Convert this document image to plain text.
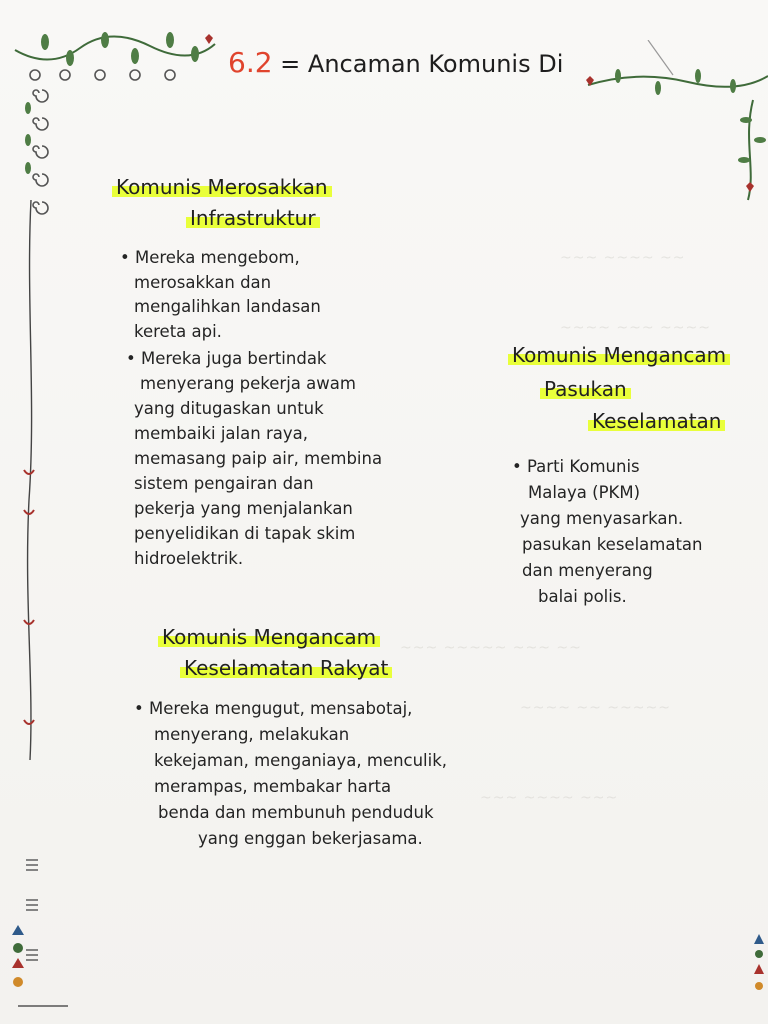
~~~ ~~~~ ~~
~~~~ ~~~ ~~~~
~~~ ~~~~~ ~~~ ~~
~~~~ ~~ ~~~~~
~~~ ~~~~ ~~~
6.2 = Ancaman Komunis Di
Komunis Merosakkan
Infrastruktur
• Mereka mengebom,
merosakkan dan
mengalihkan landasan
kereta api.
• Mereka juga bertindak
menyerang pekerja awam
yang ditugaskan untuk
membaiki jalan raya,
memasang paip air, membina
sistem pengairan dan
pekerja yang menjalankan
penyelidikan di tapak skim
hidroelektrik.
Komunis Mengancam
Pasukan
Keselamatan
• Parti Komunis
Malaya (PKM)
yang menyasarkan.
pasukan keselamatan
dan menyerang
balai polis.
Komunis Mengancam
Keselamatan Rakyat
• Mereka mengugut, mensabotaj,
menyerang, melakukan
kekejaman, menganiaya, menculik,
merampas, membakar harta
benda dan membunuh penduduk
yang enggan bekerjasama.
